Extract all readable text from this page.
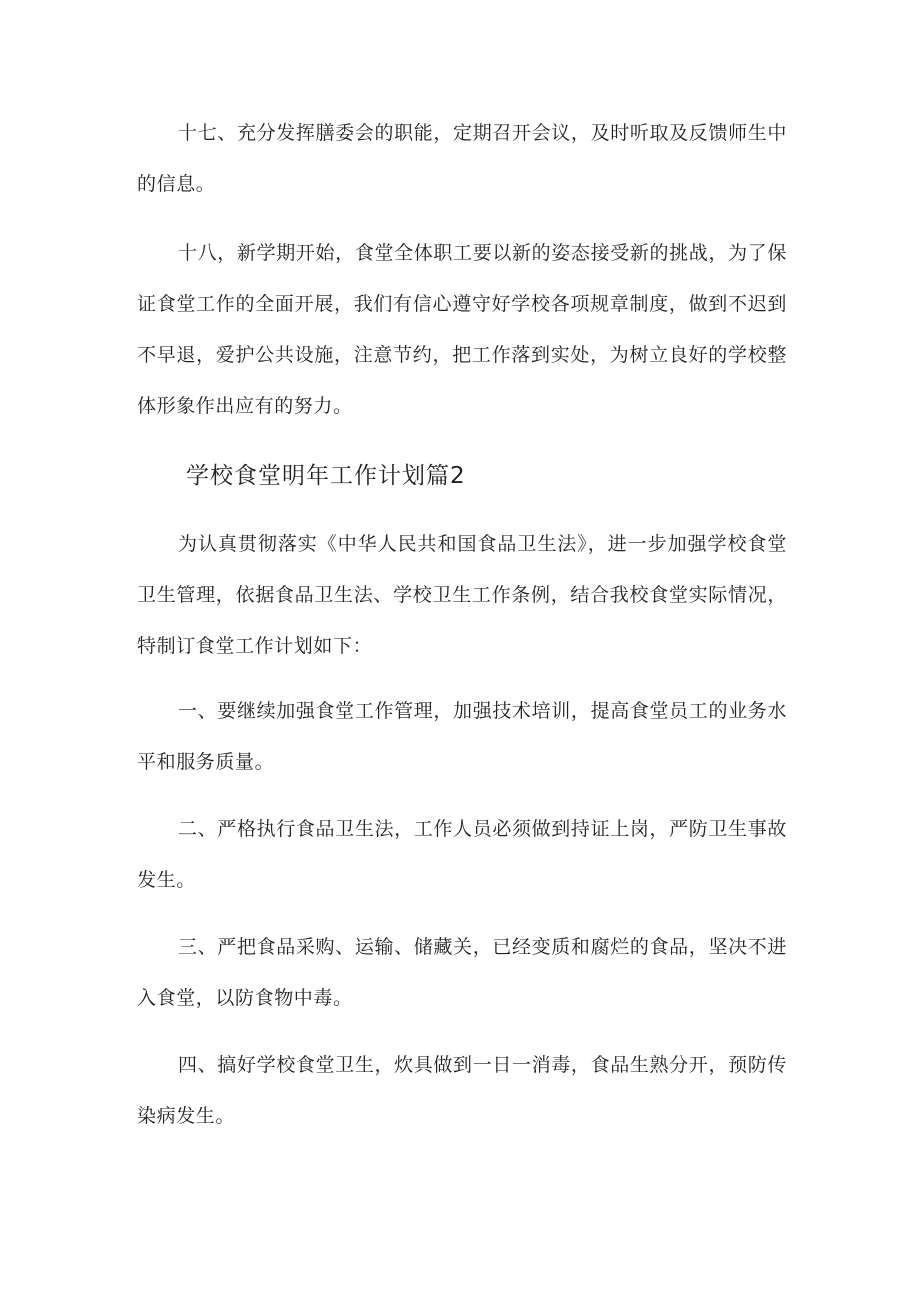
十七、充分发挥膳委会的职能，定期召开会议，及时听取及反馈师生中的信息。

十八，新学期开始，食堂全体职工要以新的姿态接受新的挑战，为了保证食堂工作的全面开展，我们有信心遵守好学校各项规章制度，做到不迟到不早退，爱护公共设施，注意节约，把工作落到实处，为树立良好的学校整体形象作出应有的努力。

学校食堂明年工作计划篇2

为认真贯彻落实《中华人民共和国食品卫生法》，进一步加强学校食堂卫生管理，依据食品卫生法、学校卫生工作条例，结合我校食堂实际情况，特制订食堂工作计划如下：

一、要继续加强食堂工作管理，加强技术培训，提高食堂员工的业务水平和服务质量。

二、严格执行食品卫生法，工作人员必须做到持证上岗，严防卫生事故发生。

三、严把食品采购、运输、储藏关，已经变质和腐烂的食品，坚决不进入食堂，以防食物中毒。

四、搞好学校食堂卫生，炊具做到一日一消毒，食品生熟分开，预防传染病发生。
